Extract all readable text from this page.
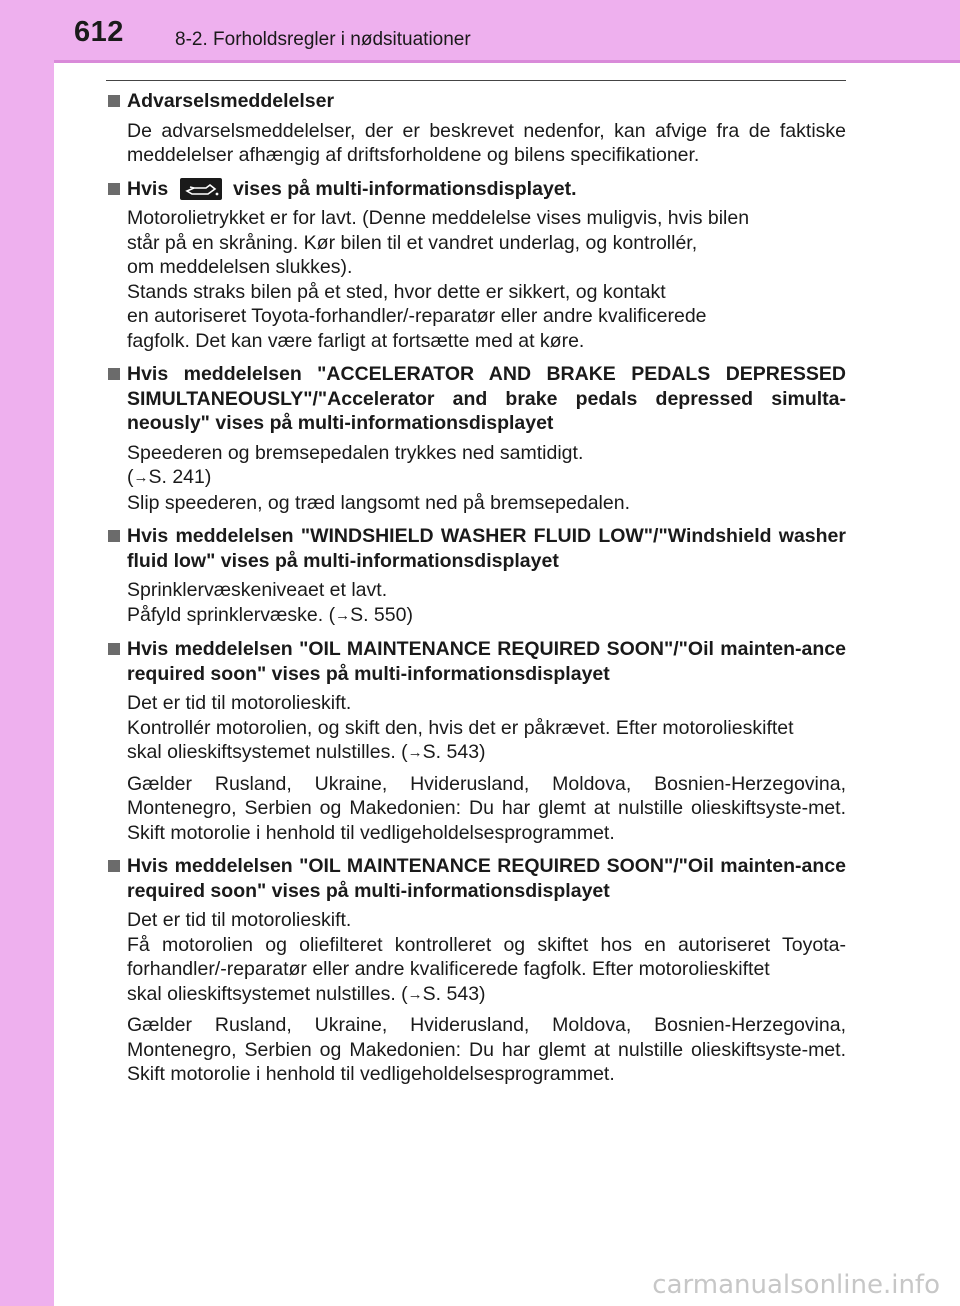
612	8-2. Forholdsregler i nødsituationer
Advarselsmeddelelser
De advarselsmeddelelser, der er beskrevet nedenfor, kan afvige fra de faktiske meddelelser afhængig af driftsforholdene og bilens specifikationer.
Hvis	vises på multi-informationsdisplayet.
Motorolietrykket er for lavt. (Denne meddelelse vises muligvis, hvis bilen
står på en skråning. Kør bilen til et vandret underlag, og kontrollér,
om meddelelsen slukkes).
Stands straks bilen på et sted, hvor dette er sikkert, og kontakt
en autoriseret Toyota-forhandler/-reparatør eller andre kvalificerede
fagfolk. Det kan være farligt at fortsætte med at køre.
Hvis meddelelsen "ACCELERATOR AND BRAKE PEDALS DEPRESSED SIMULTANEOUSLY"/"Accelerator and brake pedals depressed simulta-neously" vises på multi-informationsdisplayet
Speederen og bremsepedalen trykkes ned samtidigt.
(→S. 241)
Slip speederen, og træd langsomt ned på bremsepedalen.
Hvis meddelelsen "WINDSHIELD WASHER FLUID LOW"/"Windshield washer fluid low" vises på multi-informationsdisplayet
Sprinklervæskeniveaet et lavt.
Påfyld sprinklervæske. (→S. 550)
Hvis meddelelsen "OIL MAINTENANCE REQUIRED SOON"/"Oil mainten-ance required soon" vises på multi-informationsdisplayet
Det er tid til motorolieskift.
Kontrollér motorolien, og skift den, hvis det er påkrævet. Efter motorolieskiftet
skal olieskiftsystemet nulstilles. (→S. 543)
Gælder Rusland, Ukraine, Hviderusland, Moldova, Bosnien-Herzegovina, Montenegro, Serbien og Makedonien: Du har glemt at nulstille olieskiftsyste-met. Skift motorolie i henhold til vedligeholdelsesprogrammet.
Hvis meddelelsen "OIL MAINTENANCE REQUIRED SOON"/"Oil mainten-ance required soon" vises på multi-informationsdisplayet
Det er tid til motorolieskift.
Få motorolien og oliefilteret kontrolleret og skiftet hos en autoriseret Toyota-forhandler/-reparatør eller andre kvalificerede fagfolk. Efter motorolieskiftet
skal olieskiftsystemet nulstilles. (→S. 543)
Gælder Rusland, Ukraine, Hviderusland, Moldova, Bosnien-Herzegovina, Montenegro, Serbien og Makedonien: Du har glemt at nulstille olieskiftsyste-met. Skift motorolie i henhold til vedligeholdelsesprogrammet.
carmanualsonline.info
